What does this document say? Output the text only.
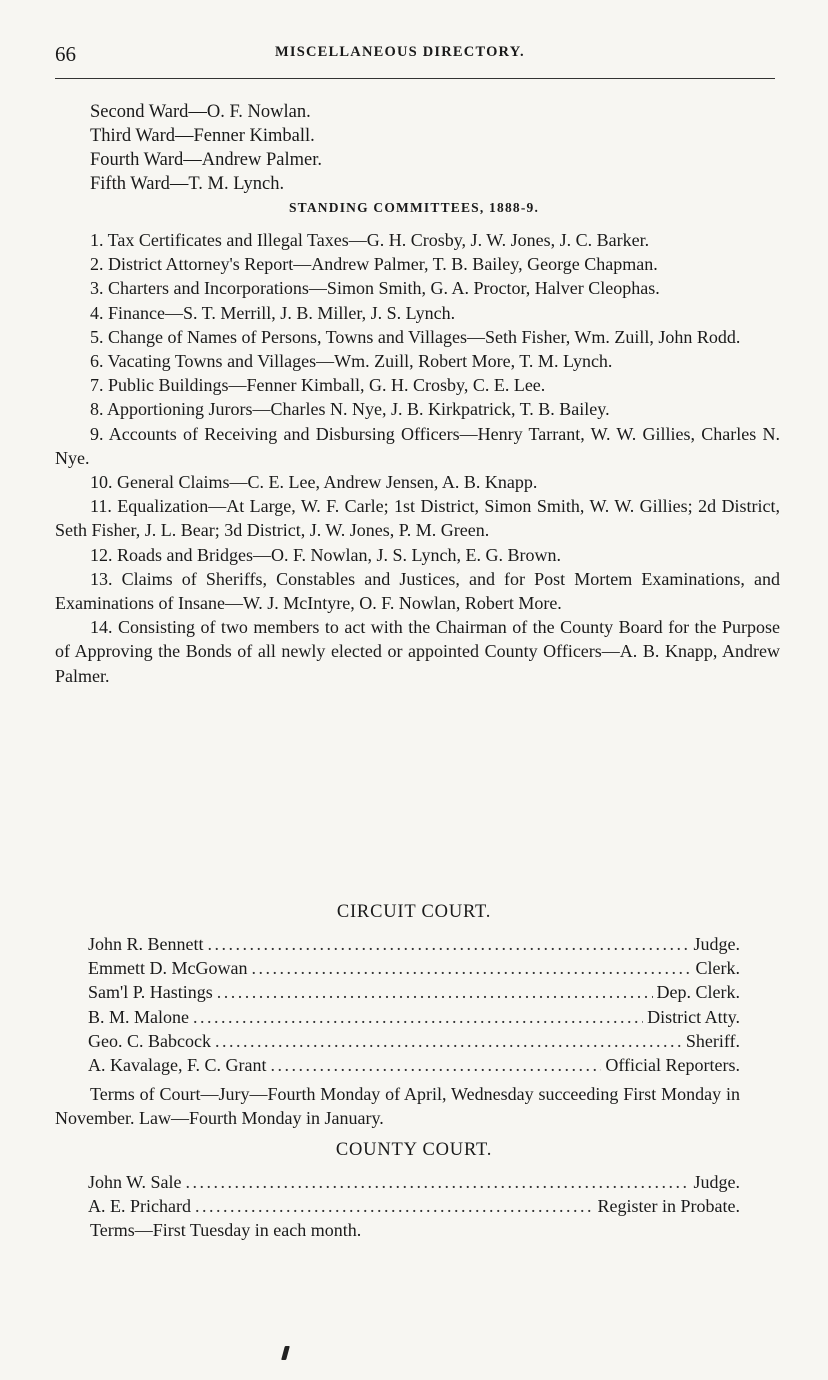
66	MISCELLANEOUS DIRECTORY.
Second Ward—O. F. Nowlan.
Third Ward—Fenner Kimball.
Fourth Ward—Andrew Palmer.
Fifth Ward—T. M. Lynch.
STANDING COMMITTEES, 1888-9.

1. Tax Certificates and Illegal Taxes—G. H. Crosby, J. W. Jones, J. C. Barker.

2. District Attorney's Report—Andrew Palmer, T. B. Bailey, George Chapman.

3. Charters and Incorporations—Simon Smith, G. A. Proctor, Halver Cleophas.

4. Finance—S. T. Merrill, J. B. Miller, J. S. Lynch.

5. Change of Names of Persons, Towns and Villages—Seth Fisher, Wm. Zuill, John Rodd.

6. Vacating Towns and Villages—Wm. Zuill, Robert More, T. M. Lynch.

7. Public Buildings—Fenner Kimball, G. H. Crosby, C. E. Lee.

8. Apportioning Jurors—Charles N. Nye, J. B. Kirkpatrick, T. B. Bailey.

9. Accounts of Receiving and Disbursing Officers—Henry Tarrant, W. W. Gillies, Charles N. Nye.

10. General Claims—C. E. Lee, Andrew Jensen, A. B. Knapp.

11. Equalization—At Large, W. F. Carle; 1st District, Simon Smith, W. W. Gillies; 2d District, Seth Fisher, J. L. Bear; 3d District, J. W. Jones, P. M. Green.

12. Roads and Bridges—O. F. Nowlan, J. S. Lynch, E. G. Brown.

13. Claims of Sheriffs, Constables and Justices, and for Post Mortem Examinations, and Examinations of Insane—W. J. McIntyre, O. F. Nowlan, Robert More.

14. Consisting of two members to act with the Chairman of the County Board for the Purpose of Approving the Bonds of all newly elected or appointed County Officers—A. B. Knapp, Andrew Palmer.

CIRCUIT COURT.
John R. Bennett . . .	Judge.
Emmett D. McGowan . . .	Clerk.
Sam'l P. Hastings . . .	Dep. Clerk.
B. M. Malone . . .	District Atty.
Geo. C. Babcock . . .	Sheriff.
A. Kavalage, F. C. Grant . . .	Official Reporters.

Terms of Court—Jury—Fourth Monday of April, Wednesday succeeding First Monday in November. Law—Fourth Monday in January.

COUNTY COURT.
John W. Sale . . .	Judge.
A. E. Prichard . . .	Register in Probate.
Terms—First Tuesday in each month.
